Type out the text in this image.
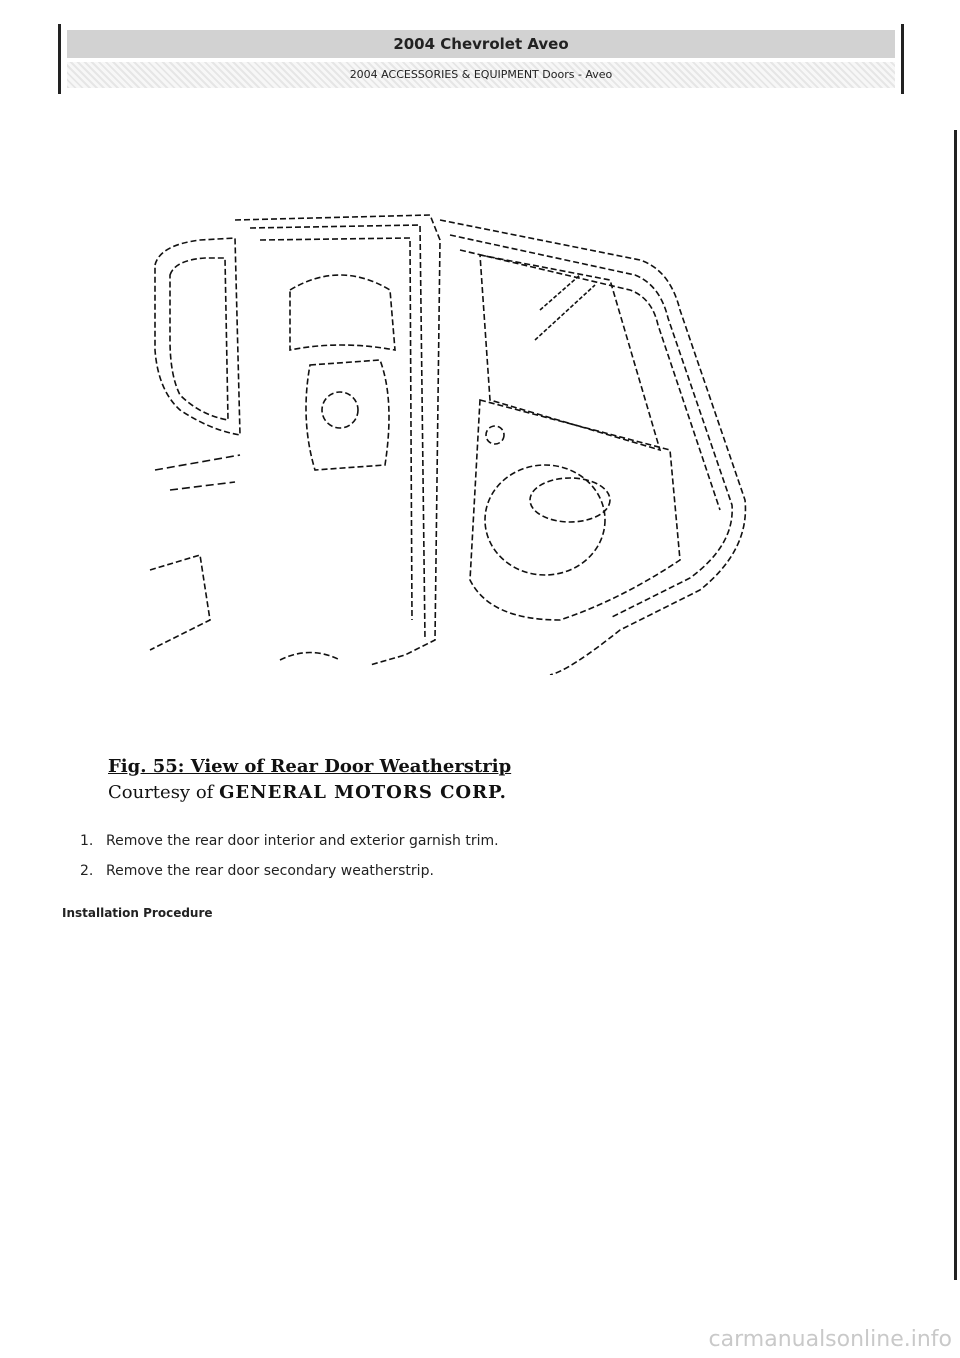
2004 Chevrolet Aveo
2004 ACCESSORIES & EQUIPMENT Doors - Aveo
Fig. 55: View of Rear Door Weatherstrip
Courtesy of GENERAL MOTORS CORP.
1. Remove the rear door interior and exterior garnish trim.
2. Remove the rear door secondary weatherstrip.
Installation Procedure
carmanualsonline.info
